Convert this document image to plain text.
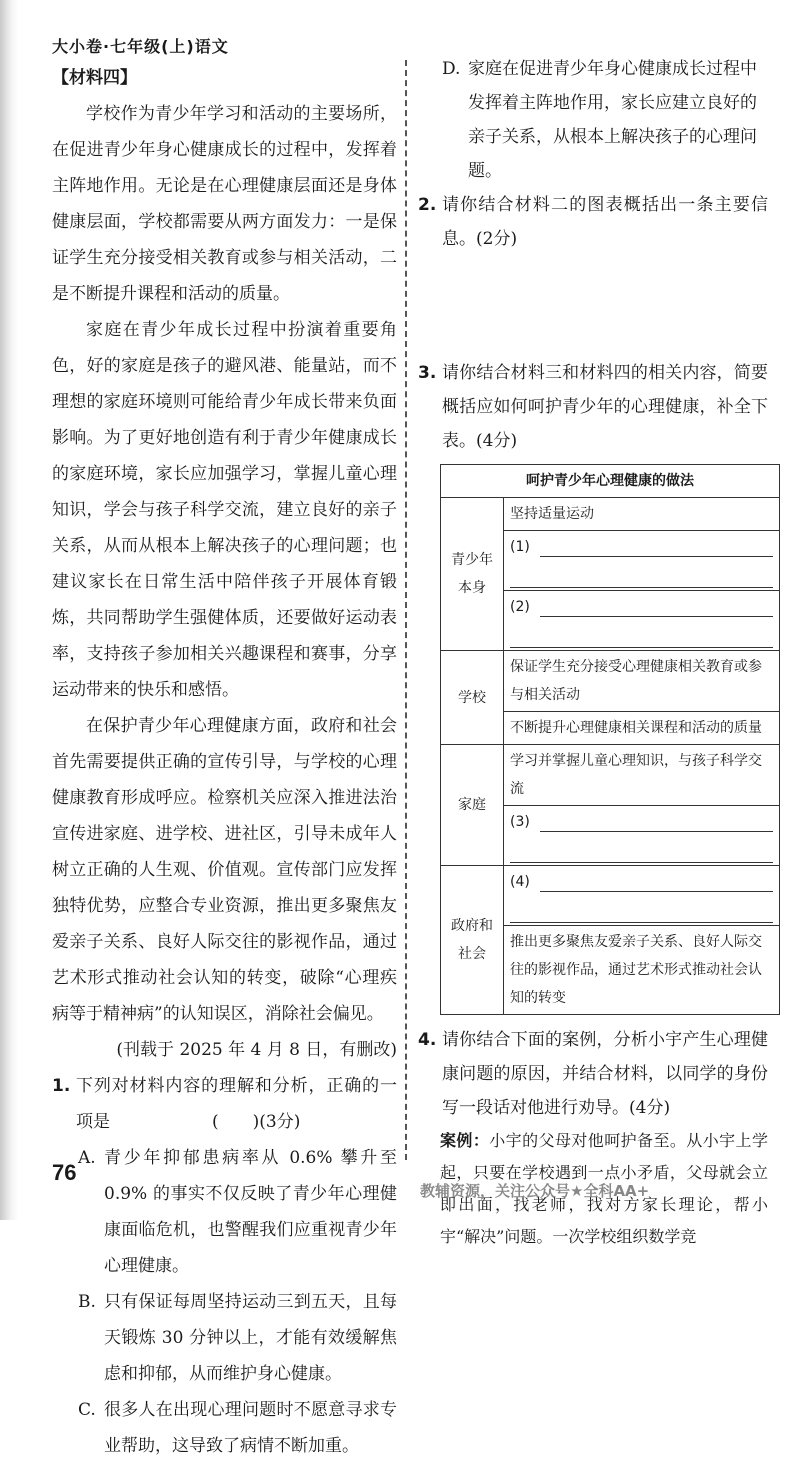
大小卷·七年级(上)语文
【材料四】

学校作为青少年学习和活动的主要场所，在促进青少年身心健康成长的过程中，发挥着主阵地作用。无论是在心理健康层面还是身体健康层面，学校都需要从两方面发力：一是保证学生充分接受相关教育或参与相关活动，二是不断提升课程和活动的质量。

家庭在青少年成长过程中扮演着重要角色，好的家庭是孩子的避风港、能量站，而不理想的家庭环境则可能给青少年成长带来负面影响。为了更好地创造有利于青少年健康成长的家庭环境，家长应加强学习，掌握儿童心理知识，学会与孩子科学交流，建立良好的亲子关系，从而从根本上解决孩子的心理问题；也建议家长在日常生活中陪伴孩子开展体育锻炼，共同帮助学生强健体质，还要做好运动表率，支持孩子参加相关兴趣课程和赛事，分享运动带来的快乐和感悟。

在保护青少年心理健康方面，政府和社会首先需要提供正确的宣传引导，与学校的心理健康教育形成呼应。检察机关应深入推进法治宣传进家庭、进学校、进社区，引导未成年人树立正确的人生观、价值观。宣传部门应发挥独特优势，应整合专业资源，推出更多聚焦友爱亲子关系、良好人际交往的影视作品，通过艺术形式推动社会认知的转变，破除“心理疾病等于精神病”的认知误区，消除社会偏见。

(刊载于 2025 年 4 月 8 日，有删改)

1. 下列对材料内容的理解和分析，正确的一项是　　　　　　(　　)(3分)
A. 青少年抑郁患病率从 0.6% 攀升至 0.9% 的事实不仅反映了青少年心理健康面临危机，也警醒我们应重视青少年心理健康。
B. 只有保证每周坚持运动三到五天，且每天锻炼 30 分钟以上，才能有效缓解焦虑和抑郁，从而维护身心健康。
C. 很多人在出现心理问题时不愿意寻求专业帮助，这导致了病情不断加重。
D. 家庭在促进青少年身心健康成长过程中发挥着主阵地作用，家长应建立良好的亲子关系，从根本上解决孩子的心理问题。
2. 请你结合材料二的图表概括出一条主要信息。(2分)
3. 请你结合材料三和材料四的相关内容，简要概括应如何呵护青少年的心理健康，补全下表。(4分)
呵护青少年心理健康的做法	
青少年本身	坚持适量运动

	(1)

	(2)

学校	保证学生充分接受心理健康相关教育或参与相关活动
	不断提升心理健康相关课程和活动的质量
家庭	学习并掌握儿童心理知识，与孩子科学交流

	(3)

政府和社会	(4)

	推出更多聚焦友爱亲子关系、良好人际交往的影视作品，通过艺术形式推动社会认知的转变
4. 请你结合下面的案例，分析小宇产生心理健康问题的原因，并结合材料，以同学的身份写一段话对他进行劝导。(4分)
案例：小宇的父母对他呵护备至。从小宇上学起，只要在学校遇到一点小矛盾，父母就会立即出面，找老师，找对方家长理论，帮小宇“解决”问题。一次学校组织数学竞
76
教辅资源，关注公众号★全科AA+
